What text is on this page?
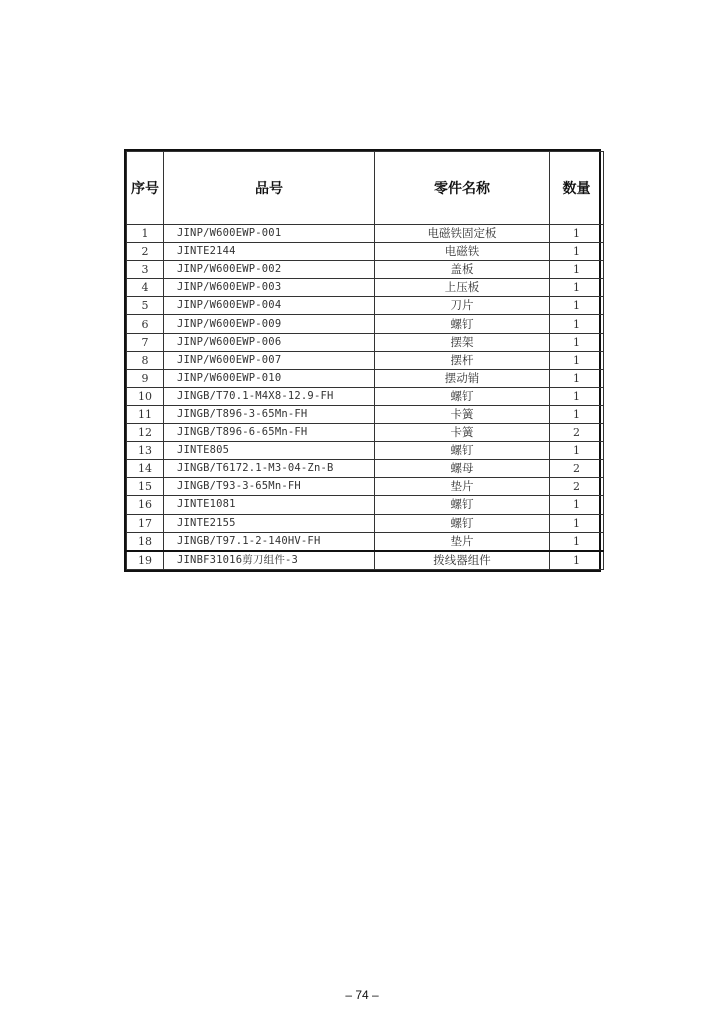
序号	品号	零件名称	数量
1	JINP/W600EWP-001	电磁铁固定板	1
2	JINTE2144	电磁铁	1
3	JINP/W600EWP-002	盖板	1
4	JINP/W600EWP-003	上压板	1
5	JINP/W600EWP-004	刀片	1
6	JINP/W600EWP-009	螺钉	1
7	JINP/W600EWP-006	摆架	1
8	JINP/W600EWP-007	摆杆	1
9	JINP/W600EWP-010	摆动销	1
10	JINGB/T70.1-M4X8-12.9-FH	螺钉	1
11	JINGB/T896-3-65Mn-FH	卡簧	1
12	JINGB/T896-6-65Mn-FH	卡簧	2
13	JINTE805	螺钉	1
14	JINGB/T6172.1-M3-04-Zn-B	螺母	2
15	JINGB/T93-3-65Mn-FH	垫片	2
16	JINTE1081	螺钉	1
17	JINTE2155	螺钉	1
18	JINGB/T97.1-2-140HV-FH	垫片	1
19	JINBF31016剪刀组件-3	拨线器组件	1
– 74 –
